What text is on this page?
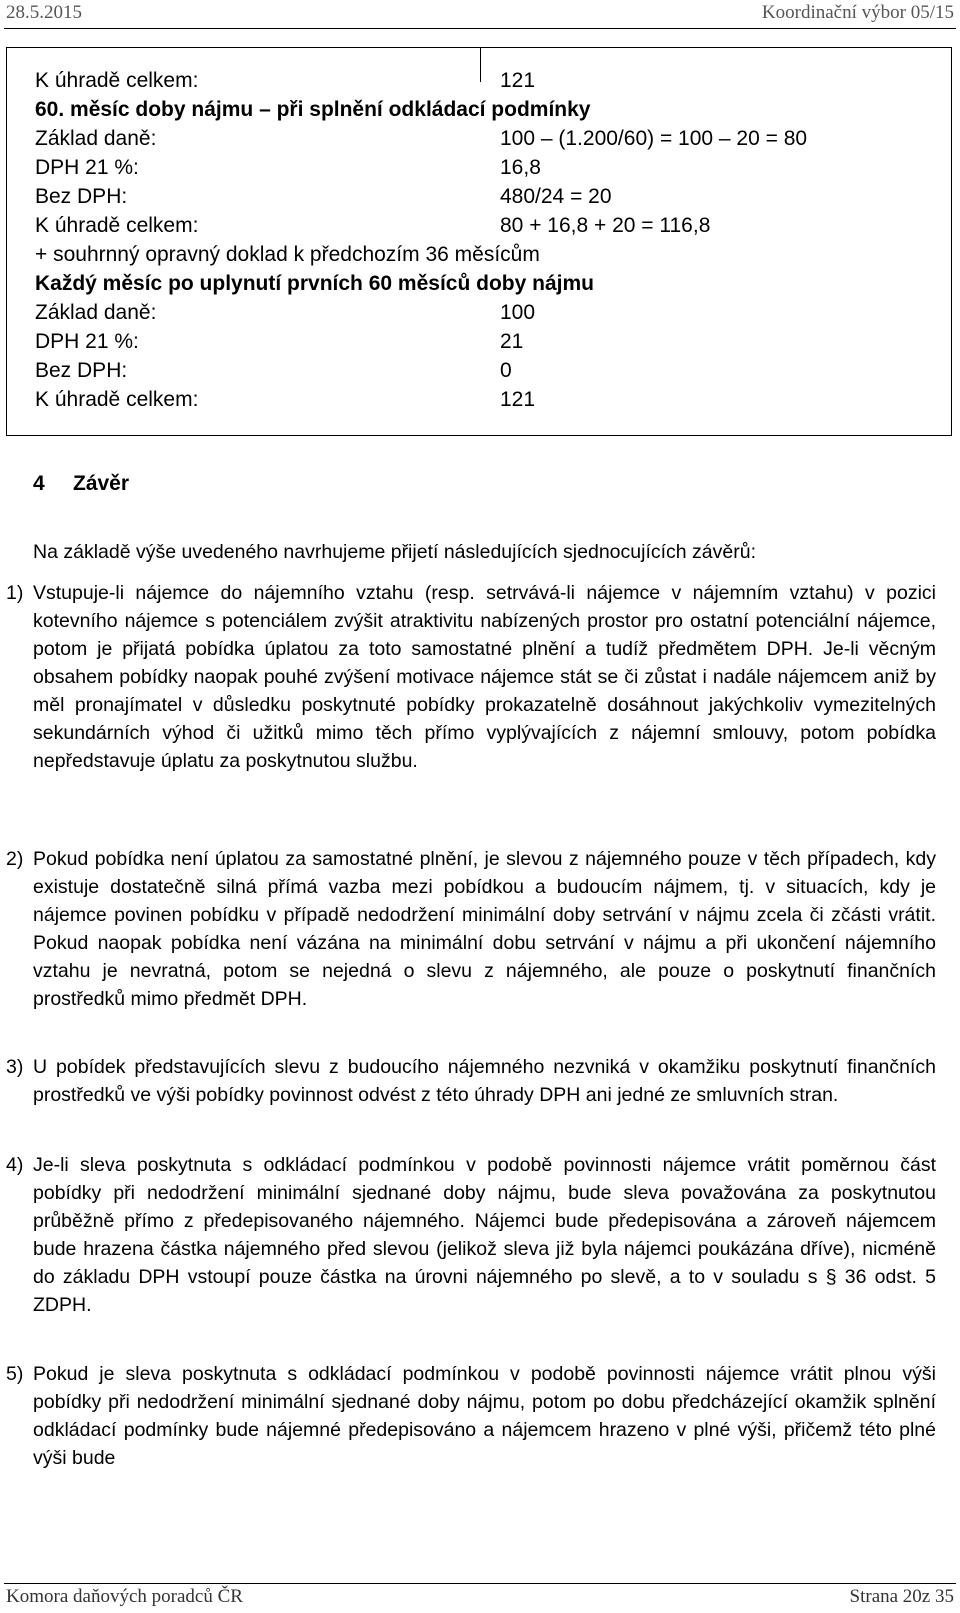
28.5.2015	Koordinační výbor 05/15
K úhradě celkem:	121
60. měsíc doby nájmu – při splnění odkládací podmínky
Základ daně:	100 – (1.200/60) = 100 – 20 = 80
DPH 21 %:	16,8
Bez DPH:	480/24 = 20
K úhradě celkem:	80 + 16,8 + 20 = 116,8
+ souhrnný opravný doklad k předchozím 36 měsícům
Každý měsíc po uplynutí prvních 60 měsíců doby nájmu
Základ daně:	100
DPH 21 %:	21
Bez DPH:	0
K úhradě celkem:	121
4 Závěr
Na základě výše uvedeného navrhujeme přijetí následujících sjednocujících závěrů:
1) Vstupuje-li nájemce do nájemního vztahu (resp. setrvává-li nájemce v nájemním vztahu) v pozici kotevního nájemce s potenciálem zvýšit atraktivitu nabízených prostor pro ostatní potenciální nájemce, potom je přijatá pobídka úplatou za toto samostatné plnění a tudíž předmětem DPH. Je-li věcným obsahem pobídky naopak pouhé zvýšení motivace nájemce stát se či zůstat i nadále nájemcem aniž by měl pronajímatel v důsledku poskytnuté pobídky prokazatelně dosáhnout jakýchkoliv vymezitelných sekundárních výhod či užitků mimo těch přímo vyplývajících z nájemní smlouvy, potom pobídka nepředstavuje úplatu za poskytnutou službu.
2) Pokud pobídka není úplatou za samostatné plnění, je slevou z nájemného pouze v těch případech, kdy existuje dostatečně silná přímá vazba mezi pobídkou a budoucím nájmem, tj. v situacích, kdy je nájemce povinen pobídku v případě nedodržení minimální doby setrvání v nájmu zcela či zčásti vrátit. Pokud naopak pobídka není vázána na minimální dobu setrvání v nájmu a při ukončení nájemního vztahu je nevratná, potom se nejedná o slevu z nájemného, ale pouze o poskytnutí finančních prostředků mimo předmět DPH.
3) U pobídek představujících slevu z budoucího nájemného nezvniká v okamžiku poskytnutí finančních prostředků ve výši pobídky povinnost odvést z této úhrady DPH ani jedné ze smluvních stran.
4) Je-li sleva poskytnuta s odkládací podmínkou v podobě povinnosti nájemce vrátit poměrnou část pobídky při nedodržení minimální sjednané doby nájmu, bude sleva považována za poskytnutou průběžně přímo z předepisovaného nájemného. Nájemci bude předepisována a zároveň nájemcem bude hrazena částka nájemného před slevou (jelikož sleva již byla nájemci poukázána dříve), nicméně do základu DPH vstoupí pouze částka na úrovni nájemného po slevě, a to v souladu s § 36 odst. 5 ZDPH.
5) Pokud je sleva poskytnuta s odkládací podmínkou v podobě povinnosti nájemce vrátit plnou výši pobídky při nedodržení minimální sjednané doby nájmu, potom po dobu předcházející okamžik splnění odkládací podmínky bude nájemné předepisováno a nájemcem hrazeno v plné výši, přičemž této plné výši bude
Komora daňových poradců ČR	Strana 20z 35
